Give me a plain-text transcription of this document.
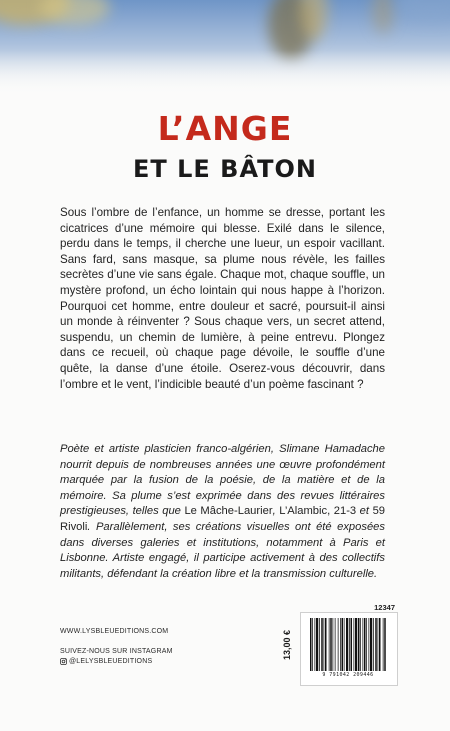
L’ANGE
ET LE BÂTON

Sous l’ombre de l’enfance, un homme se dresse, portant les cicatrices d’une mémoire qui blesse. Exilé dans le silence, perdu dans le temps, il cherche une lueur, un espoir vacillant. Sans fard, sans masque, sa plume nous révèle, les failles secrètes d’une vie sans égale. Chaque mot, chaque souffle, un mystère profond, un écho lointain qui nous happe à l’horizon. Pourquoi cet homme, entre douleur et sacré, poursuit-il ainsi un monde à réinventer ? Sous chaque vers, un secret attend, suspendu, un chemin de lumière, à peine entrevu. Plongez dans ce recueil, où chaque page dévoile, le souffle d’une quête, la danse d’une étoile. Oserez-vous découvrir, dans l’ombre et le vent, l’indicible beauté d’un poème fascinant ?

Poète et artiste plasticien franco-algérien, Slimane Hamadache nourrit depuis de nombreuses années une œuvre profondément marquée par la fusion de la poésie, de la matière et de la mémoire. Sa plume s’est exprimée dans des revues littéraires prestigieuses, telles que Le Mâche-Laurier, L’Alambic, 21-3 et 59 Rivoli. Parallèlement, ses créations visuelles ont été exposées dans diverses galeries et institutions, notamment à Paris et Lisbonne. Artiste engagé, il participe activement à des collectifs militants, défendant la création libre et la transmission culturelle.

WWW.LYSBLEUEDITIONS.COM
SUIVEZ-NOUS SUR INSTAGRAM
@LELYSBLEUEDITIONS
12347
13,00 €
9 791042 209446
